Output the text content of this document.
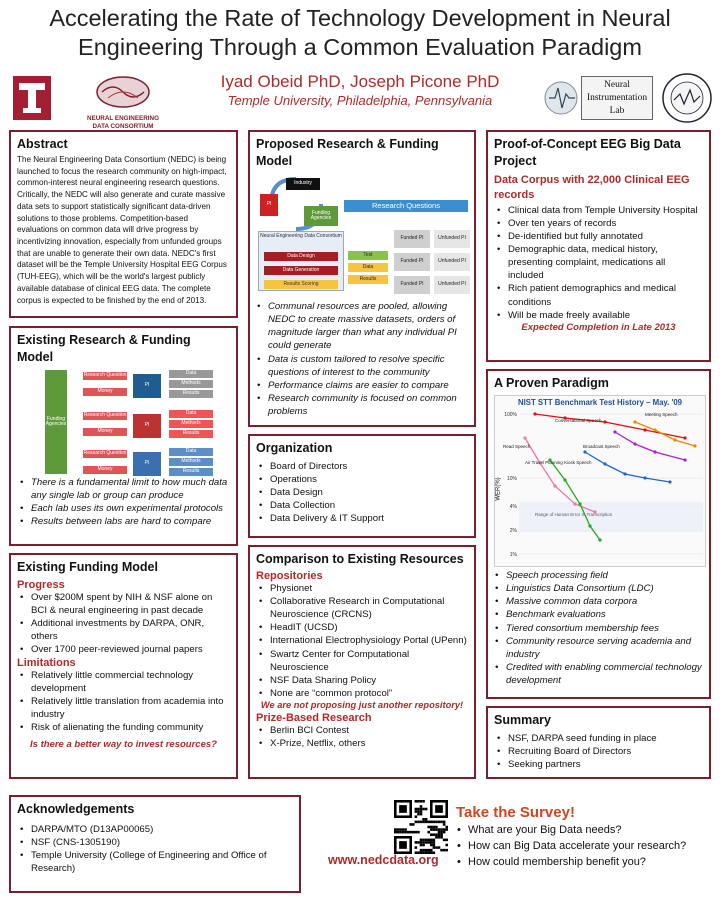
Accelerating the Rate of Technology Development in Neural
Engineering Through a Common Evaluation Paradigm
Iyad Obeid PhD, Joseph Picone PhD
Temple University, Philadelphia, Pennsylvania
NEURAL ENGINEERING
DATA CONSORTIUM
Neural
Instrumentation
Lab
Abstract

The Neural Engineering Data Consortium (NEDC) is being launched to focus the research community on high-impact, common-interest neural engineering research questions. Critically, the NEDC will also generate and curate massive data sets to support statistically significant data-driven solutions to those problems. Competition-based evaluations on common data will drive progress by incentivizing innovation, especially from unfunded groups that are unable to generate their own data. NEDC's first dataset will be the Temple University Hospital EEG Corpus (TUH-EEG), which will be the world's largest publicly available database of clinical EEG data. The complete corpus is expected to be finished by the end of 2013.

Existing Research & Funding Model
Funding Agencies
Research Question
Money
PI
Data
Methods
Results
Research Question
Money
PI
Data
Methods
Results
Research Question
Money
PI
Data
Methods
Results
• There is a fundamental limit to how much data any single lab or group can produce
• Each lab uses its own experimental protocols
• Results between labs are hard to compare
Existing Funding Model
Progress
• Over $200M spent by NIH & NSF alone on BCI & neural engineering in past decade
• Additional investments by DARPA, ONR, others
• Over 1700 peer-reviewed journal papers
Limitations
• Relatively little commercial technology development
• Relatively little translation from academia into industry
• Risk of alienating the funding community
Is there a better way to invest resources?
Proposed Research & Funding Model
Industry
PI
Funding Agencies
Research Questions
Neural Engineering Data Consortium
Data Design
Data Generation
Results Scoring
Test
Data
Results
Funded PI	Unfunded PI
Funded PI	Unfunded PI
Funded PI	Unfunded PI
• Communal resources are pooled, allowing NEDC to create massive datasets, orders of magnitude larger than what any individual PI could generate
• Data is custom tailored to resolve specific questions of interest to the community
• Performance claims are easier to compare
• Research community is focused on common problems
Organization
• Board of Directors
• Operations
• Data Design
• Data Collection
• Data Delivery & IT Support
Comparison to Existing Resources
Repositories
• Physionet
• Collaborative Research in Computational Neuroscience (CRCNS)
• HeadIT (UCSD)
• International Electrophysiology Portal (UPenn)
• Swartz Center for Computational Neuroscience
• NSF Data Sharing Policy
• None are “common protocol”
We are not proposing just another repository!
Prize-Based Research
• Berlin BCI Contest
• X-Prize, Netflix, others
Proof-of-Concept EEG Big Data Project
Data Corpus with 22,000 Clinical EEG records
• Clinical data from Temple University Hospital
• Over ten years of records
• De-identified but fully annotated
• Demographic data, medical history, presenting complaint, medications all included
• Rich patient demographics and medical conditions
• Will be made freely available
Expected Completion in Late 2013
A Proven Paradigm
NIST STT Benchmark Test History – May. '09
WER(%)
100%
10%
4%
2%
1%
Conversational Speech
Read Speech	Broadcast Speech
Meeting Speech
Air Travel Planning Kiosk Speech
Range of Human Error In Transcription
• Speech processing field
• Linguistics Data Consortium (LDC)
• Massive common data corpora
• Benchmark evaluations
• Tiered consortium membership fees
• Community resource serving academia and industry
• Credited with enabling commercial technology development
Summary
• NSF, DARPA seed funding in place
• Recruiting Board of Directors
• Seeking partners
Acknowledgements
• DARPA/MTO (D13AP00065)
• NSF (CNS-1305190)
• Temple University (College of Engineering and Office of Research)
www.nedcdata.org
Take the Survey!
• What are your Big Data needs?
• How can Big Data accelerate your research?
• How could membership benefit you?
